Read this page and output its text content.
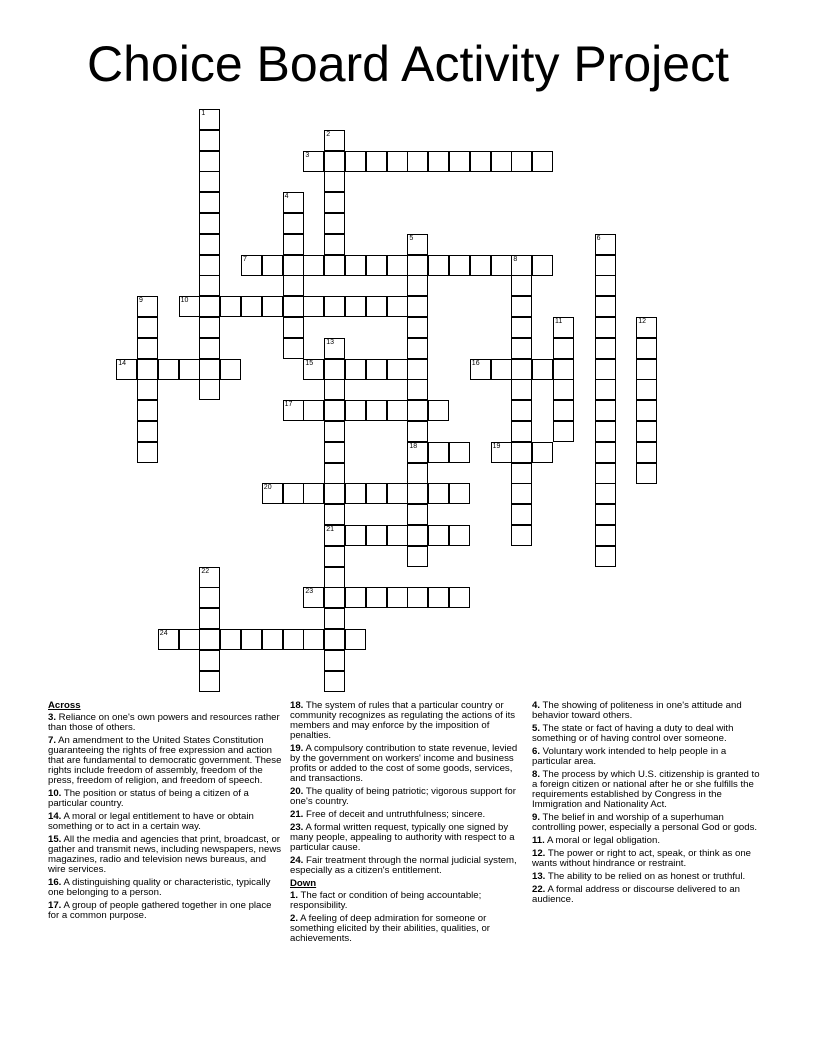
Choice Board Activity Project
1
2
3
4
5
18
6
7	8
9	10
11	12
13
21
14	15	16
17
19
20
22
23
24
Across
3. Reliance on one's own powers and resources rather than those of others.
7. An amendment to the United States Constitution guaranteeing the rights of free expression and action that are fundamental to democratic government. These rights include freedom of assembly, freedom of the press, freedom of religion, and freedom of speech.
10. The position or status of being a citizen of a particular country.
14. A moral or legal entitlement to have or obtain something or to act in a certain way.
15. All the media and agencies that print, broadcast, or gather and transmit news, including newspapers, news magazines, radio and television news bureaus, and wire services.
16. A distinguishing quality or characteristic, typically one belonging to a person.
17. A group of people gathered together in one place for a common purpose.
18. The system of rules that a particular country or community recognizes as regulating the actions of its members and may enforce by the imposition of penalties.
19. A compulsory contribution to state revenue, levied by the government on workers' income and business profits or added to the cost of some goods, services, and transactions.
20. The quality of being patriotic; vigorous support for one's country.
21. Free of deceit and untruthfulness; sincere.
23. A formal written request, typically one signed by many people, appealing to authority with respect to a particular cause.
24. Fair treatment through the normal judicial system, especially as a citizen's entitlement.
Down
1. The fact or condition of being accountable; responsibility.
2. A feeling of deep admiration for someone or something elicited by their abilities, qualities, or achievements.
4. The showing of politeness in one's attitude and behavior toward others.
5. The state or fact of having a duty to deal with something or of having control over someone.
6. Voluntary work intended to help people in a particular area.
8. The process by which U.S. citizenship is granted to a foreign citizen or national after he or she fulfills the requirements established by Congress in the Immigration and Nationality Act.
9. The belief in and worship of a superhuman controlling power, especially a personal God or gods.
11. A moral or legal obligation.
12. The power or right to act, speak, or think as one wants without hindrance or restraint.
13. The ability to be relied on as honest or truthful.
22. A formal address or discourse delivered to an audience.
